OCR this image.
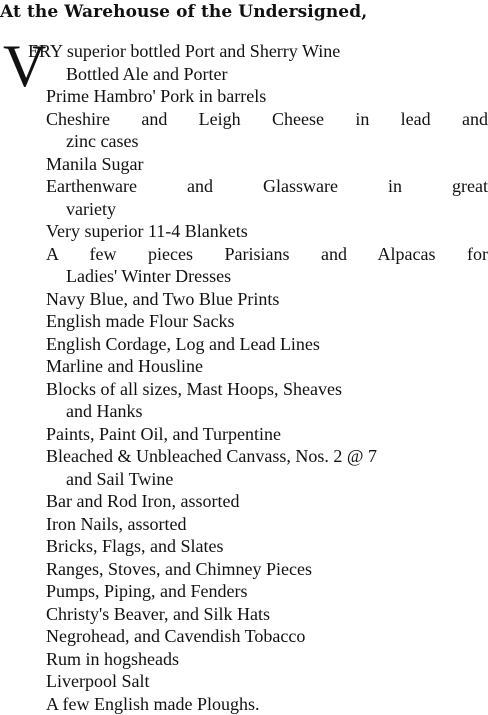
At the Warehouse of the Undersigned,
V
ERY superior bottled Port and Sherry Wine
Bottled Ale and Porter
Prime Hambro' Pork in barrels
Cheshire and Leigh Cheese in lead and
zinc cases
Manila Sugar
Earthenware and Glassware in great
variety
Very superior 11-4 Blankets
A few pieces Parisians and Alpacas for
Ladies' Winter Dresses
Navy Blue, and Two Blue Prints
English made Flour Sacks
English Cordage, Log and Lead Lines
Marline and Housline
Blocks of all sizes, Mast Hoops, Sheaves
and Hanks
Paints, Paint Oil, and Turpentine
Bleached & Unbleached Canvass, Nos. 2 @ 7
and Sail Twine
Bar and Rod Iron, assorted
Iron Nails, assorted
Bricks, Flags, and Slates
Ranges, Stoves, and Chimney Pieces
Pumps, Piping, and Fenders
Christy's Beaver, and Silk Hats
Negrohead, and Cavendish Tobacco
Rum in hogsheads
Liverpool Salt
A few English made Ploughs.
